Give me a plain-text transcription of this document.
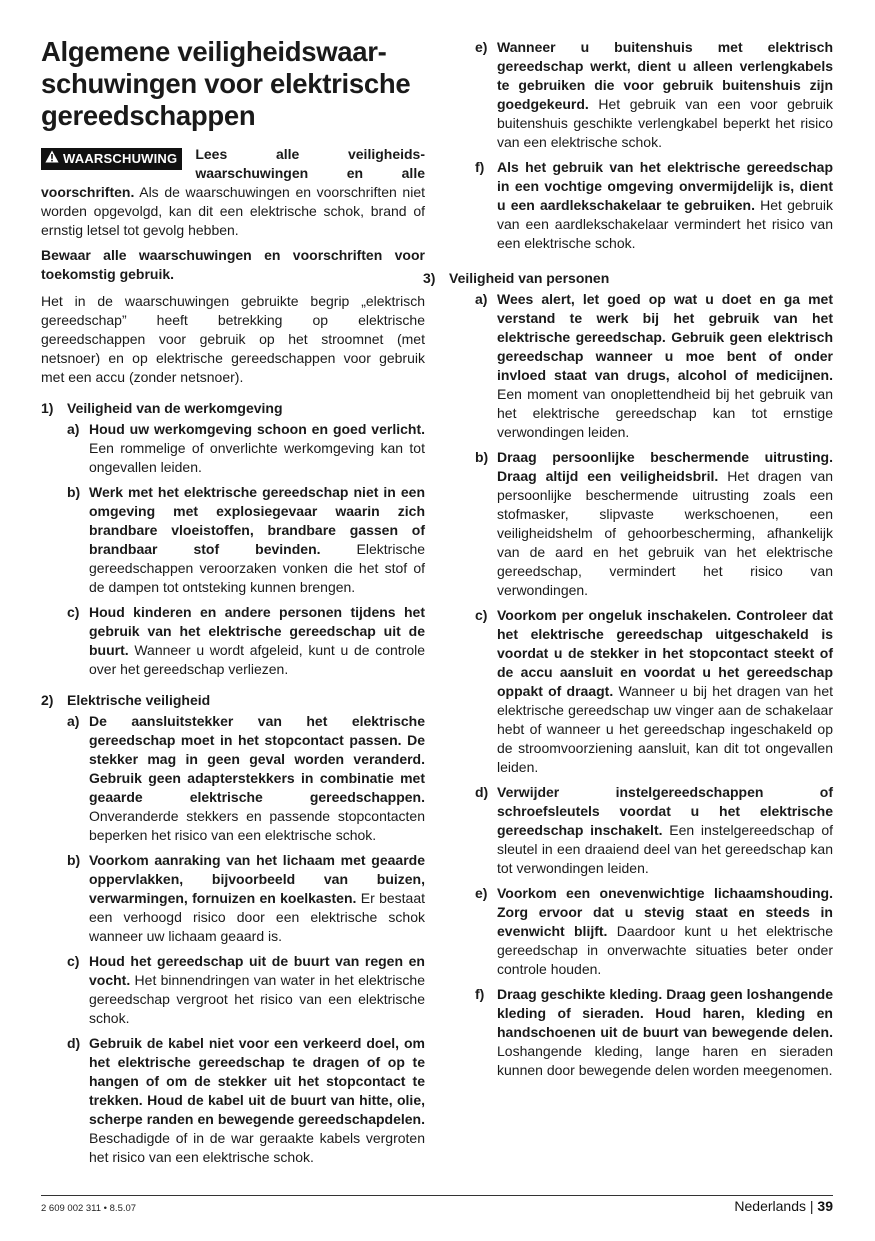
Algemene veiligheidswaar-schuwingen voor elektrische gereedschappen
WAARSCHUWING Lees alle veiligheids-waarschuwingen en alle voorschriften. Als de waarschuwingen en voorschriften niet worden opgevolgd, kan dit een elektrische schok, brand of ernstig letsel tot gevolg hebben.

Bewaar alle waarschuwingen en voorschriften voor toekomstig gebruik.

Het in de waarschuwingen gebruikte begrip „elektrisch gereedschap” heeft betrekking op elektrische gereedschappen voor gebruik op het stroomnet (met netsnoer) en op elektrische gereedschappen voor gebruik met een accu (zonder netsnoer).

1) Veiligheid van de werkomgeving
a) Houd uw werkomgeving schoon en goed verlicht. Een rommelige of onverlichte werkomgeving kan tot ongevallen leiden.
b) Werk met het elektrische gereedschap niet in een omgeving met explosiegevaar waarin zich brandbare vloeistoffen, brandbare gassen of brandbaar stof bevinden.	Elektrische gereedschappen veroorzaken vonken die het stof of de dampen tot ontsteking kunnen brengen.
c) Houd kinderen en andere personen tijdens het gebruik van het elektrische gereedschap uit de buurt. Wanneer u wordt afgeleid, kunt u de controle over het gereedschap verliezen.
2) Elektrische veiligheid
a) De aansluitstekker van het elektrische gereedschap moet in het stopcontact passen. De stekker mag in geen geval worden veranderd. Gebruik geen adapterstekkers in combinatie met geaarde elektrische gereedschappen. Onveranderde stekkers en passende stopcontacten beperken het risico van een elektrische schok.
b) Voorkom aanraking van het lichaam met geaarde oppervlakken, bijvoorbeeld van buizen, verwarmingen, fornuizen en koelkasten. Er bestaat een verhoogd risico door een elektrische schok wanneer uw lichaam geaard is.
c) Houd het gereedschap uit de buurt van regen en vocht. Het binnendringen van water in het elektrische gereedschap vergroot het risico van een elektrische schok.
d) Gebruik de kabel niet voor een verkeerd doel, om het elektrische gereedschap te dragen of op te hangen of om de stekker uit het stopcontact te trekken. Houd de kabel uit de buurt van hitte, olie, scherpe randen en bewegende gereedschapdelen. Beschadigde of in de war geraakte kabels vergroten het risico van een elektrische schok.
e) Wanneer u buitenshuis met elektrisch gereedschap werkt, dient u alleen verlengkabels te gebruiken die voor gebruik buitenshuis zijn goedgekeurd. Het gebruik van een voor gebruik buitenshuis geschikte verlengkabel beperkt het risico van een elektrische schok.
f) Als het gebruik van het elektrische gereedschap in een vochtige omgeving onvermijdelijk is, dient u een aardlekschakelaar te gebruiken. Het gebruik van een aardlekschakelaar vermindert het risico van een elektrische schok.
3) Veiligheid van personen
a) Wees alert, let goed op wat u doet en ga met verstand te werk bij het gebruik van het elektrische gereedschap. Gebruik geen elektrisch gereedschap wanneer u moe bent of onder invloed staat van drugs, alcohol of medicijnen. Een moment van onoplettendheid bij het gebruik van het elektrische gereedschap kan tot ernstige verwondingen leiden.
b) Draag persoonlijke beschermende uitrusting. Draag altijd een veiligheidsbril. Het dragen van persoonlijke beschermende uitrusting zoals een stofmasker, slipvaste werkschoenen, een veiligheidshelm of gehoorbescherming, afhankelijk van de aard en het gebruik van het elektrische gereedschap, vermindert het risico van verwondingen.
c) Voorkom per ongeluk inschakelen. Controleer dat het elektrische gereedschap uitgeschakeld is voordat u de stekker in het stopcontact steekt of de accu aansluit en voordat u het gereedschap oppakt of draagt. Wanneer u bij het dragen van het elektrische gereedschap uw vinger aan de schakelaar hebt of wanneer u het gereedschap ingeschakeld op de stroomvoorziening aansluit, kan dit tot ongevallen leiden.
d) Verwijder instelgereedschappen of schroefsleutels voordat u het elektrische gereedschap inschakelt. Een instelgereedschap of sleutel in een draaiend deel van het gereedschap kan tot verwondingen leiden.
e) Voorkom een onevenwichtige lichaamshouding. Zorg ervoor dat u stevig staat en steeds in evenwicht blijft. Daardoor kunt u het elektrische gereedschap in onverwachte situaties beter onder controle houden.
f) Draag geschikte kleding. Draag geen loshangende kleding of sieraden. Houd haren, kleding en handschoenen uit de buurt van bewegende delen. Loshangende kleding, lange haren en sieraden kunnen door bewegende delen worden meegenomen.
2 609 002 311 • 8.5.07	Nederlands | 39
